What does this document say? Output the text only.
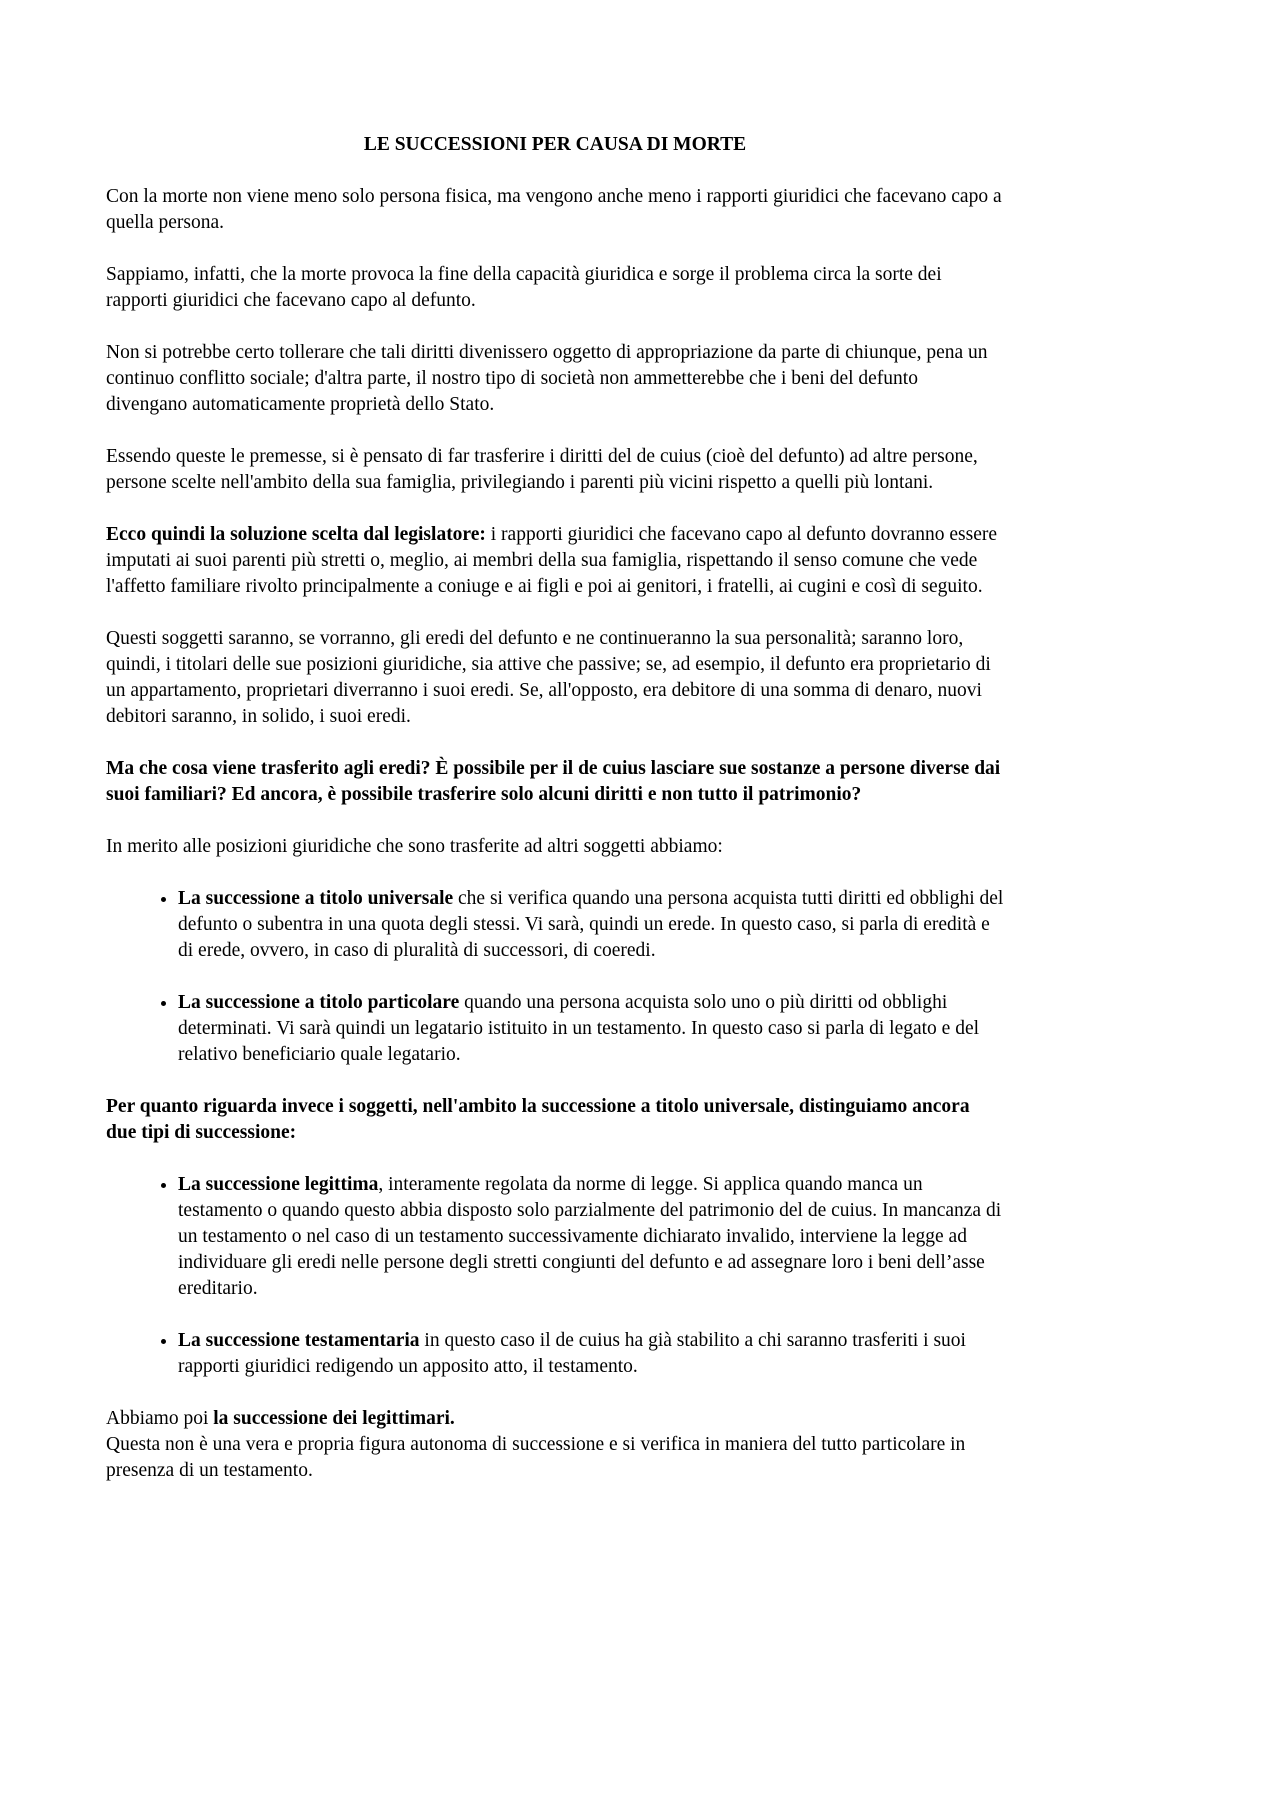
LE SUCCESSIONI PER CAUSA DI MORTE

Con la morte non viene meno solo persona fisica, ma vengono anche meno i rapporti giuridici che facevano capo a quella persona.

Sappiamo, infatti, che la morte provoca la fine della capacità giuridica e sorge il problema circa la sorte dei rapporti giuridici che facevano capo al defunto.

Non si potrebbe certo tollerare che tali diritti divenissero oggetto di appropriazione da parte di chiunque, pena un continuo conflitto sociale; d'altra parte, il nostro tipo di società non ammetterebbe che i beni del defunto divengano automaticamente proprietà dello Stato.

Essendo queste le premesse, si è pensato di far trasferire i diritti del de cuius (cioè del defunto) ad altre persone, persone scelte nell'ambito della sua famiglia, privilegiando i parenti più vicini rispetto a quelli più lontani.

Ecco quindi la soluzione scelta dal legislatore: i rapporti giuridici che facevano capo al defunto dovranno essere imputati ai suoi parenti più stretti o, meglio, ai membri della sua famiglia, rispettando il senso comune che vede l'affetto familiare rivolto principalmente a coniuge e ai figli e poi ai genitori, i fratelli, ai cugini e così di seguito.

Questi soggetti saranno, se vorranno, gli eredi del defunto e ne continueranno la sua personalità; saranno loro, quindi, i titolari delle sue posizioni giuridiche, sia attive che passive; se, ad esempio, il defunto era proprietario di un appartamento, proprietari diverranno i suoi eredi. Se, all'opposto, era debitore di una somma di denaro, nuovi debitori saranno, in solido, i suoi eredi.

Ma che cosa viene trasferito agli eredi? È possibile per il de cuius lasciare sue sostanze a persone diverse dai suoi familiari? Ed ancora, è possibile trasferire solo alcuni diritti e non tutto il patrimonio?

In merito alle posizioni giuridiche che sono trasferite ad altri soggetti abbiamo:

• La successione a titolo universale che si verifica quando una persona acquista tutti diritti ed obblighi del defunto o subentra in una quota degli stessi. Vi sarà, quindi un erede. In questo caso, si parla di eredità e di erede, ovvero, in caso di pluralità di successori, di coeredi.
• La successione a titolo particolare quando una persona acquista solo uno o più diritti od obblighi determinati. Vi sarà quindi un legatario istituito in un testamento. In questo caso si parla di legato e del relativo beneficiario quale legatario.

Per quanto riguarda invece i soggetti, nell'ambito la successione a titolo universale, distinguiamo ancora due tipi di successione:

• La successione legittima, interamente regolata da norme di legge. Si applica quando manca un testamento o quando questo abbia disposto solo parzialmente del patrimonio del de cuius. In mancanza di un testamento o nel caso di un testamento successivamente dichiarato invalido, interviene la legge ad individuare gli eredi nelle persone degli stretti congiunti del defunto e ad assegnare loro i beni dell’asse ereditario.
• La successione testamentaria in questo caso il de cuius ha già stabilito a chi saranno trasferiti i suoi rapporti giuridici redigendo un apposito atto, il testamento.

Abbiamo poi la successione dei legittimari.

Questa non è una vera e propria figura autonoma di successione e si verifica in maniera del tutto particolare in presenza di un testamento.
